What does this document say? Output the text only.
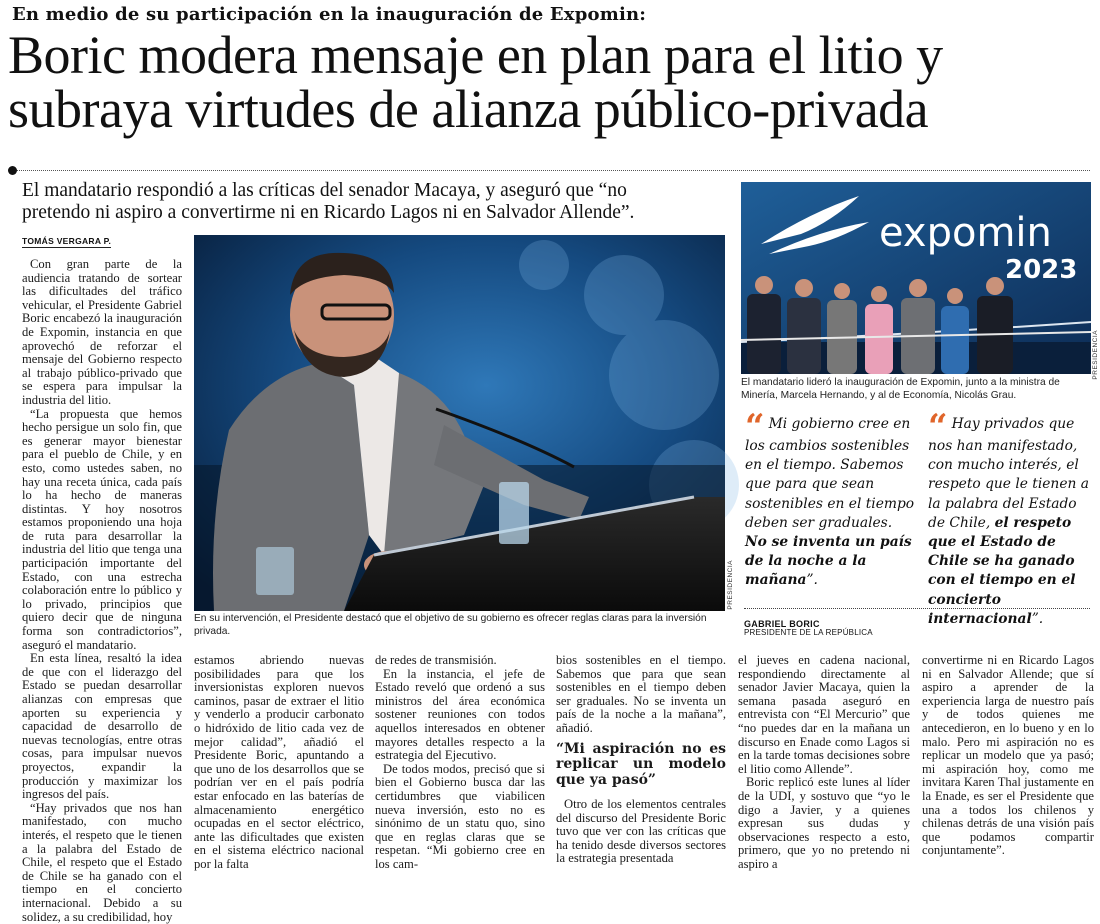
En medio de su participación en la inauguración de Expomin:
Boric modera mensaje en plan para el litio y
subraya virtudes de alianza público-privada
El mandatario respondió a las críticas del senador Macaya, y aseguró que “no
pretendo ni aspiro a convertirme ni en Ricardo Lagos ni en Salvador Allende”.
TOMÁS VERGARA P.

Con gran parte de la audiencia tratando de sortear las dificultades del tráfico vehicular, el Presidente Gabriel Boric encabezó la inauguración de Expomin, instancia en que aprovechó de reforzar el mensaje del Gobierno respecto al trabajo público-privado que se espera para impulsar la industria del litio.

“La propuesta que hemos hecho persigue un solo fin, que es generar mayor bienestar para el pueblo de Chile, y en esto, como ustedes saben, no hay una receta única, cada país lo ha hecho de maneras distintas. Y hoy nosotros estamos proponiendo una hoja de ruta para desarrollar la industria del litio que tenga una participación importante del Estado, con una estrecha colaboración entre lo público y lo privado, principios que quiero decir que de ninguna forma son contradictorios”, aseguró el mandatario.

En esta línea, resaltó la idea de que con el liderazgo del Estado se puedan desarrollar alianzas con empresas que aporten su experiencia y capacidad de desarrollo de nuevas tecnologías, entre otras cosas, para impulsar nuevos proyectos, expandir la producción y maximizar los ingresos del país.

“Hay privados que nos han manifestado, con mucho interés, el respeto que le tienen a la palabra del Estado de Chile, el respeto que el Estado de Chile se ha ganado con el tiempo en el concierto internacional. Debido a su solidez, a su credibilidad, hoy

PRESIDENCIA
En su intervención, el Presidente destacó que el objetivo de su gobierno es ofrecer reglas claras para la inversión privada.
expomin
2023
PRESIDENCIA
El mandatario lideró la inauguración de Expomin, junto a la ministra de Minería, Marcela Hernando, y al de Economía, Nicolás Grau.
“ Mi gobierno cree en los cambios sostenibles en el tiempo. Sabemos que para que sean sostenibles en el tiempo deben ser graduales. No se inventa un país de la noche a la mañana”.
“ Hay privados que nos han manifestado, con mucho interés, el respeto que le tienen a la palabra del Estado de Chile, el respeto que el Estado de Chile se ha ganado con el tiempo en el concierto internacional”.
GABRIEL BORIC
PRESIDENTE DE LA REPÚBLICA

estamos abriendo nuevas posibilidades para que los inversionistas exploren nuevos caminos, pasar de extraer el litio y venderlo a producir carbonato o hidróxido de litio cada vez de mejor calidad”, añadió el Presidente Boric, apuntando a que uno de los desarrollos que se podrían ver en el país podría estar enfocado en las baterías de almacenamiento energético ocupadas en el sector eléctrico, ante las dificultades que existen en el sistema eléctrico nacional por la falta

de redes de transmisión.

En la instancia, el jefe de Estado reveló que ordenó a sus ministros del área económica sostener reuniones con todos aquellos interesados en obtener mayores detalles respecto a la estrategia del Ejecutivo.

De todos modos, precisó que si bien el Gobierno busca dar las certidumbres que viabilicen nueva inversión, esto no es sinónimo de un statu quo, sino que en reglas claras que se respetan. “Mi gobierno cree en los cam-

bios sostenibles en el tiempo. Sabemos que para que sean sostenibles en el tiempo deben ser graduales. No se inventa un país de la noche a la mañana”, añadió.

“Mi aspiración no es replicar un modelo que ya pasó”

Otro de los elementos centrales del discurso del Presidente Boric tuvo que ver con las críticas que ha tenido desde diversos sectores la estrategia presentada

el jueves en cadena nacional, respondiendo directamente al senador Javier Macaya, quien la semana pasada aseguró en entrevista con “El Mercurio” que “no puedes dar en la mañana un discurso en Enade como Lagos si en la tarde tomas decisiones sobre el litio como Allende”.

Boric replicó este lunes al líder de la UDI, y sostuvo que “yo le digo a Javier, y a quienes expresan sus dudas y observaciones respecto a esto, primero, que yo no pretendo ni aspiro a

convertirme ni en Ricardo Lagos ni en Salvador Allende; que sí aspiro a aprender de la experiencia larga de nuestro país y de todos quienes me antecedieron, en lo bueno y en lo malo. Pero mi aspiración no es replicar un modelo que ya pasó; mi aspiración hoy, como me invitara Karen Thal justamente en la Enade, es ser el Presidente que una a todos los chilenos y chilenas detrás de una visión país que podamos compartir conjuntamente”.
